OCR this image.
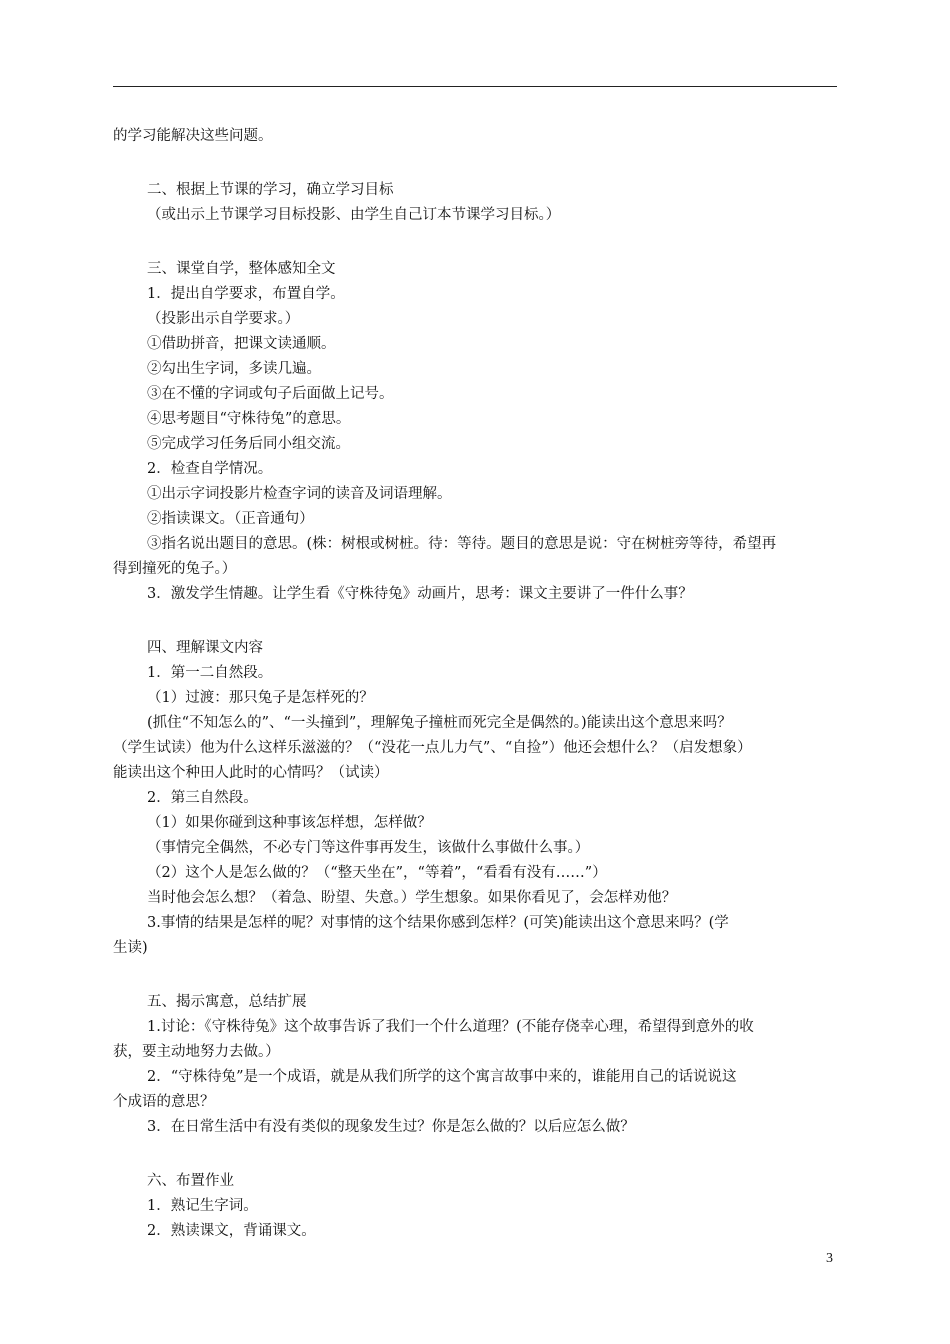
的学习能解决这些问题。
二、根据上节课的学习，确立学习目标
（或出示上节课学习目标投影、由学生自己订本节课学习目标。）
三、课堂自学，整体感知全文
1．提出自学要求，布置自学。
（投影出示自学要求。）
①借助拼音，把课文读通顺。
②勾出生字词，多读几遍。
③在不懂的字词或句子后面做上记号。
④思考题目“守株待兔”的意思。
⑤完成学习任务后同小组交流。
2．检查自学情况。
①出示字词投影片检查字词的读音及词语理解。
②指读课文。（正音通句）
③指名说出题目的意思。(株：树根或树桩。待：等待。题目的意思是说：守在树桩旁等待，希望再
得到撞死的兔子。）
3．激发学生情趣。让学生看《守株待兔》动画片，思考：课文主要讲了一件什么事？
四、理解课文内容
1．第一二自然段。
（1）过渡：那只兔子是怎样死的？
(抓住“不知怎么的”、“一头撞到”，理解兔子撞桩而死完全是偶然的。)能读出这个意思来吗？
（学生试读）他为什么这样乐滋滋的？（“没花一点儿力气”、“自捡”）他还会想什么？（启发想象）
能读出这个种田人此时的心情吗？（试读）
2．第三自然段。
（1）如果你碰到这种事该怎样想，怎样做？
（事情完全偶然，不必专门等这件事再发生，该做什么事做什么事。）
（2）这个人是怎么做的？（“整天坐在”，“等着”，“看看有没有……”）
当时他会怎么想？（着急、盼望、失意。）学生想象。如果你看见了，会怎样劝他？
3.事情的结果是怎样的呢？对事情的这个结果你感到怎样？(可笑)能读出这个意思来吗？(学
生读)
五、揭示寓意，总结扩展
1.讨论：《守株待兔》这个故事告诉了我们一个什么道理？(不能存侥幸心理，希望得到意外的收
获，要主动地努力去做。）
2．“守株待兔”是一个成语，就是从我们所学的这个寓言故事中来的，谁能用自己的话说说这
个成语的意思？
3．在日常生活中有没有类似的现象发生过？你是怎么做的？以后应怎么做？
六、布置作业
1．熟记生字词。
2．熟读课文，背诵课文。
3
